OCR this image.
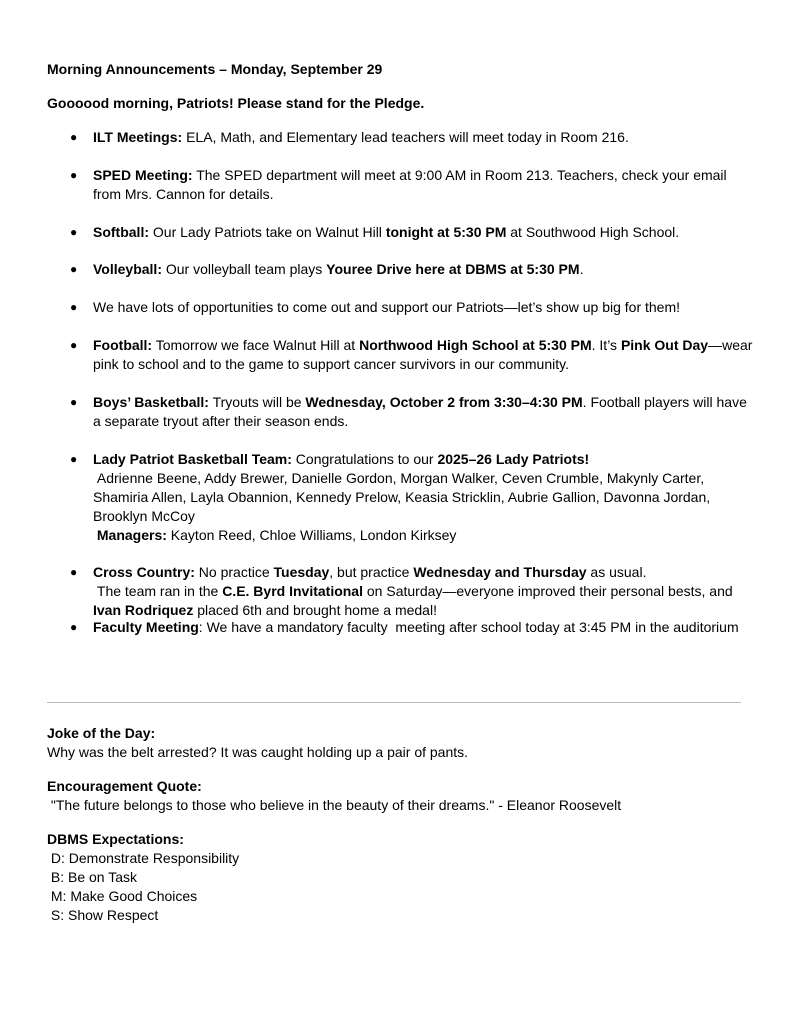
Morning Announcements – Monday, September 29
Goooood morning, Patriots! Please stand for the Pledge.
● ILT Meetings: ELA, Math, and Elementary lead teachers will meet today in Room 216.
● SPED Meeting: The SPED department will meet at 9:00 AM in Room 213. Teachers, check your email from Mrs. Cannon for details.
● Softball: Our Lady Patriots take on Walnut Hill tonight at 5:30 PM at Southwood High School.
● Volleyball: Our volleyball team plays Youree Drive here at DBMS at 5:30 PM.
● We have lots of opportunities to come out and support our Patriots—let’s show up big for them!
● Football: Tomorrow we face Walnut Hill at Northwood High School at 5:30 PM. It’s Pink Out Day—wear pink to school and to the game to support cancer survivors in our community.
● Boys’ Basketball: Tryouts will be Wednesday, October 2 from 3:30–4:30 PM. Football players will have a separate tryout after their season ends.
● Lady Patriot Basketball Team: Congratulations to our 2025–26 Lady Patriots!
Adrienne Beene, Addy Brewer, Danielle Gordon, Morgan Walker, Ceven Crumble, Makynly Carter, Shamiria Allen, Layla Obannion, Kennedy Prelow, Keasia Stricklin, Aubrie Gallion, Davonna Jordan, Brooklyn McCoy
Managers: Kayton Reed, Chloe Williams, London Kirksey
● Cross Country: No practice Tuesday, but practice Wednesday and Thursday as usual.
The team ran in the C.E. Byrd Invitational on Saturday—everyone improved their personal bests, and Ivan Rodriquez placed 6th and brought home a medal!
● Faculty Meeting: We have a mandatory faculty  meeting after school today at 3:45 PM in the auditorium
Joke of the Day:
Why was the belt arrested? It was caught holding up a pair of pants.
Encouragement Quote:
"The future belongs to those who believe in the beauty of their dreams." - Eleanor Roosevelt
DBMS Expectations:
D: Demonstrate Responsibility
B: Be on Task
M: Make Good Choices
S: Show Respect
